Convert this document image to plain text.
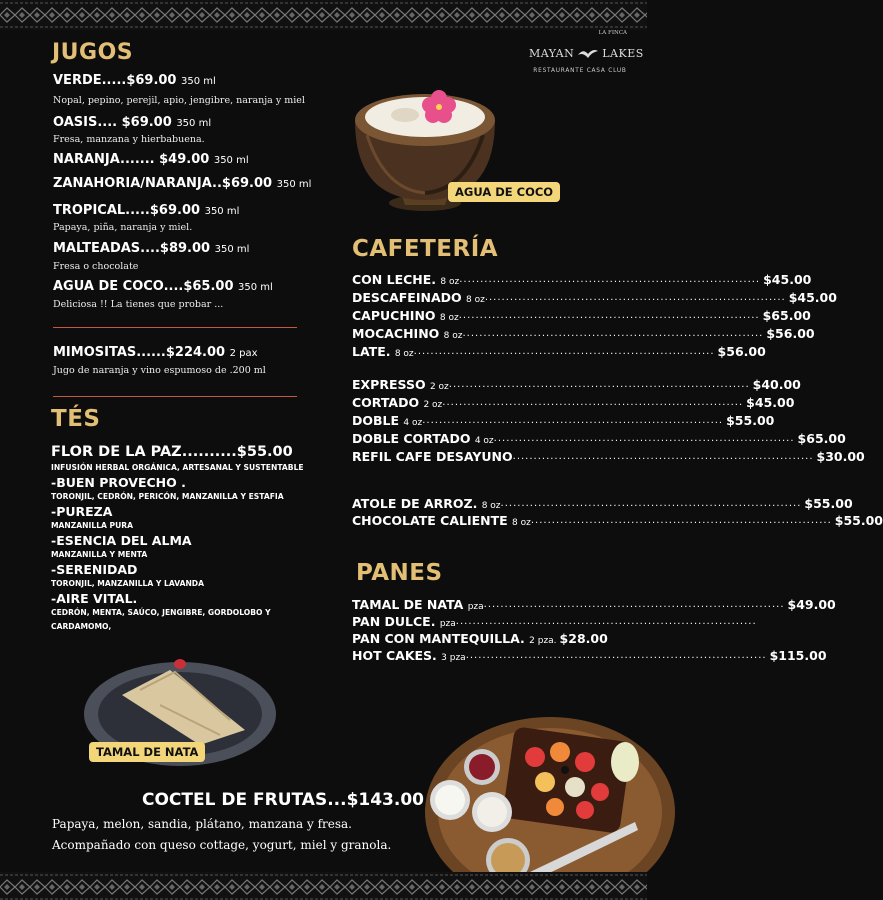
LA FINCA
MAYAN	LAKES
RESTAURANTE CASA CLUB
JUGOS
VERDE.....$69.00 350 ml
Nopal, pepino, perejil, apio, jengibre, naranja y miel
OASIS.... $69.00 350 ml
Fresa, manzana y hierbabuena.
NARANJA....... $49.00 350 ml
ZANAHORIA/NARANJA..$69.00 350 ml
TROPICAL.....$69.00 350 ml
Papaya, piña, naranja y miel.
MALTEADAS....$89.00 350 ml
Fresa o chocolate
AGUA DE COCO....$65.00 350 ml
Deliciosa !! La tienes que probar ...
MIMOSITAS......$224.00 2 pax
Jugo de naranja y vino espumoso de .200 ml
TÉS
FLOR DE LA PAZ..........$55.00
INFUSIÓN HERBAL ORGÁNICA, ARTESANAL Y SUSTENTABLE
-BUEN PROVECHO .
TORONJIL, CEDRÓN, PERICÓN, MANZANILLA Y ESTAFIA
-PUREZA
MANZANILLA PURA
-ESENCIA DEL ALMA
MANZANILLA Y MENTA
-SERENIDAD
TORONJIL, MANZANILLA Y LAVANDA
-AIRE VITAL.
CEDRÓN, MENTA, SAÚCO, JENGIBRE, GORDOLOBO Y
CARDAMOMO,
AGUA DE COCO
CAFETERÍA
PANES
TAMAL DE NATA
COCTEL DE FRUTAS...$143.00
Papaya, melon, sandia, plátano, manzana y fresa.
Acompañado con queso cottage, yogurt, miel y granola.
CON LECHE. 8 oz ........................................................................ $45.00
DESCAFEINADO 8 oz ........................................................................ $45.00
CAPUCHINO 8 oz ........................................................................ $65.00
MOCACHINO 8 oz ........................................................................ $56.00
LATE. 8 oz ........................................................................ $56.00
EXPRESSO 2 oz ........................................................................ $40.00
CORTADO 2 oz ........................................................................ $45.00
DOBLE 4 oz ........................................................................ $55.00
DOBLE CORTADO 4 oz ........................................................................ $65.00
REFIL CAFE DESAYUNO ........................................................................ $30.00
ATOLE DE ARROZ. 8 oz ........................................................................ $55.00
CHOCOLATE CALIENTE 8 oz ........................................................................ $55.00
TAMAL DE NATA pza ........................................................................ $49.00
PAN DULCE. pza ........................................................................
PAN CON MANTEQUILLA. 2 pza. $28.00
HOT CAKES. 3 pza ........................................................................ $115.00
